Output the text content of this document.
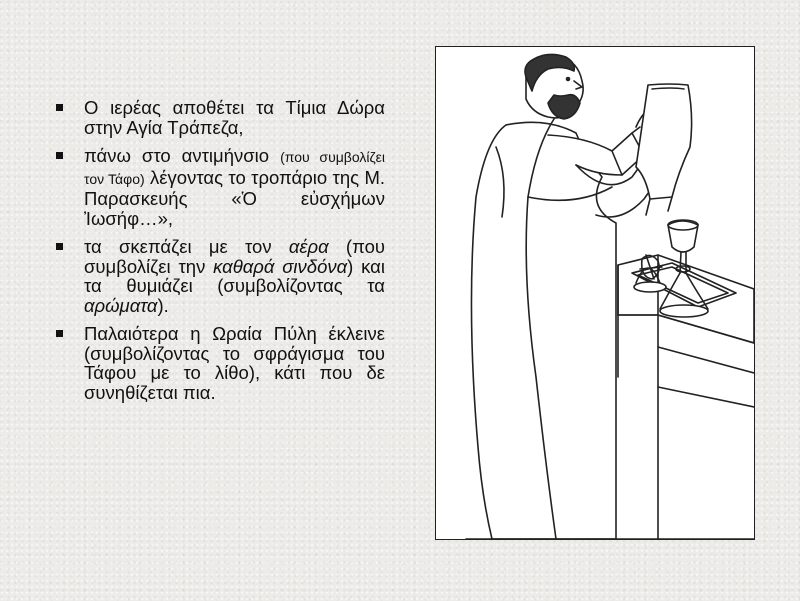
Ο ιερέας αποθέτει τα Τίμια Δώρα στην Αγία Τράπεζα,
πάνω στο αντιμήνσιο (που συμβολίζει τον Τάφο) λέγοντας το τροπάριο της Μ. Παρασκευής «Ὁ εὐσχήμων Ἰωσήφ…»,
τα σκεπάζει με τον αέρα (που συμβολίζει την καθαρά σινδόνα) και τα θυμιάζει (συμβολίζοντας τα αρώματα).
Παλαιότερα η Ωραία Πύλη έκλεινε (συμβολίζοντας το σφράγισμα του Τάφου με το λίθο), κάτι που δε συνηθίζεται πια.
